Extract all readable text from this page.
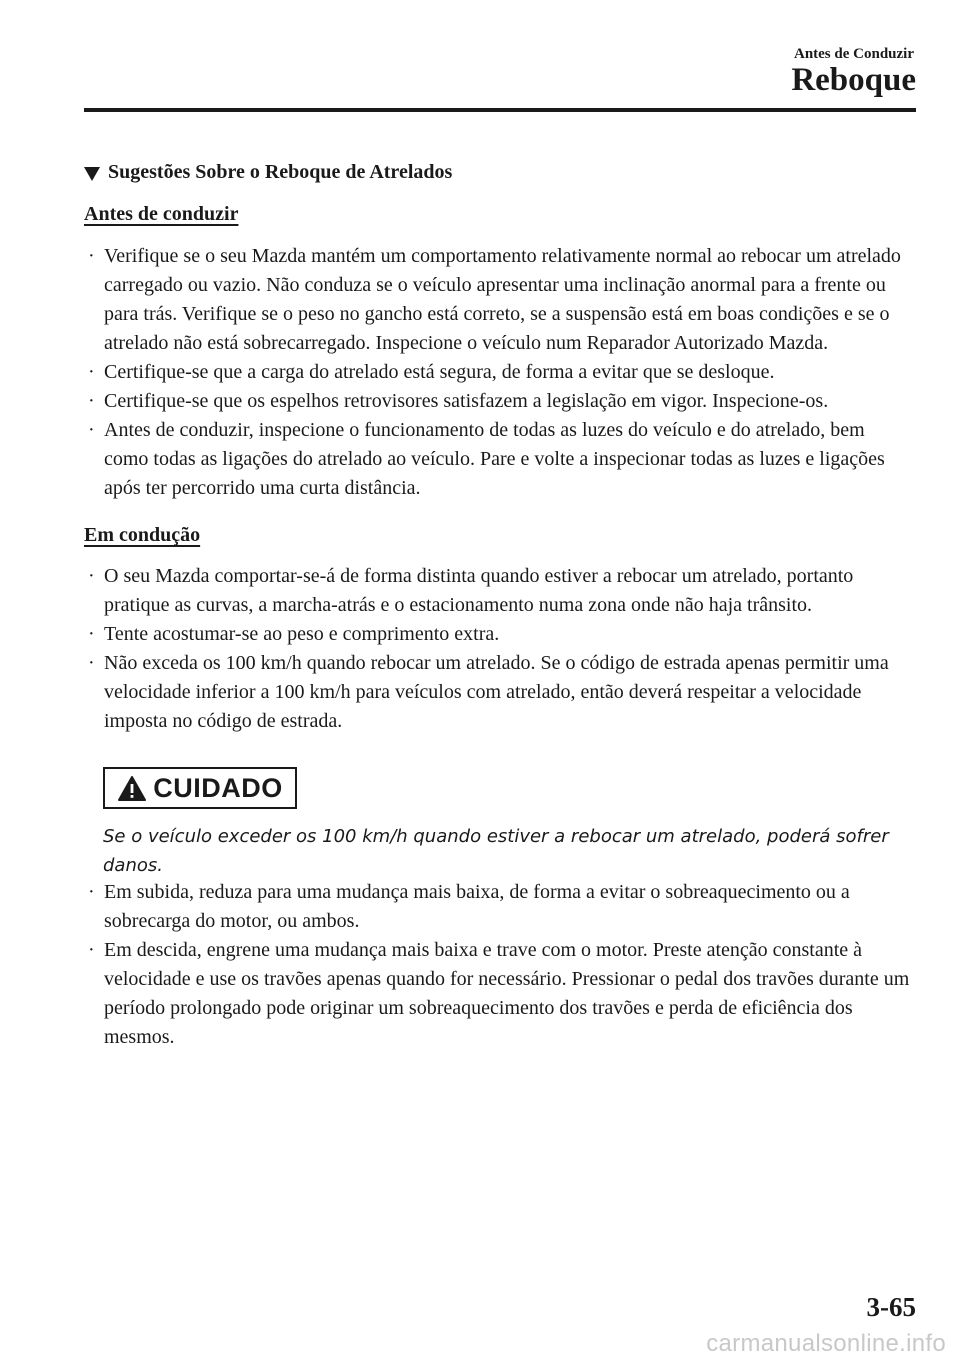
Antes de Conduzir
Reboque
Sugestões Sobre o Reboque de Atrelados
Antes de conduzir
· Verifique se o seu Mazda mantém um comportamento relativamente normal ao rebocar um atrelado carregado ou vazio. Não conduza se o veículo apresentar uma inclinação anormal para a frente ou para trás. Verifique se o peso no gancho está correto, se a suspensão está em boas condições e se o atrelado não está sobrecarregado. Inspecione o veículo num Reparador Autorizado Mazda.
· Certifique-se que a carga do atrelado está segura, de forma a evitar que se desloque.
· Certifique-se que os espelhos retrovisores satisfazem a legislação em vigor. Inspecione-os.
· Antes de conduzir, inspecione o funcionamento de todas as luzes do veículo e do atrelado, bem como todas as ligações do atrelado ao veículo. Pare e volte a inspecionar todas as luzes e ligações após ter percorrido uma curta distância.
Em condução
· O seu Mazda comportar-se-á de forma distinta quando estiver a rebocar um atrelado, portanto pratique as curvas, a marcha-atrás e o estacionamento numa zona onde não haja trânsito.
· Tente acostumar-se ao peso e comprimento extra.
· Não exceda os 100 km/h quando rebocar um atrelado. Se o código de estrada apenas permitir uma velocidade inferior a 100 km/h para veículos com atrelado, então deverá respeitar a velocidade imposta no código de estrada.
CUIDADO
Se o veículo exceder os 100 km/h quando estiver a rebocar um atrelado, poderá sofrer danos.
· Em subida, reduza para uma mudança mais baixa, de forma a evitar o sobreaquecimento ou a sobrecarga do motor, ou ambos.
· Em descida, engrene uma mudança mais baixa e trave com o motor. Preste atenção constante à velocidade e use os travões apenas quando for necessário. Pressionar o pedal dos travões durante um período prolongado pode originar um sobreaquecimento dos travões e perda de eficiência dos mesmos.
3-65
carmanualsonline.info
